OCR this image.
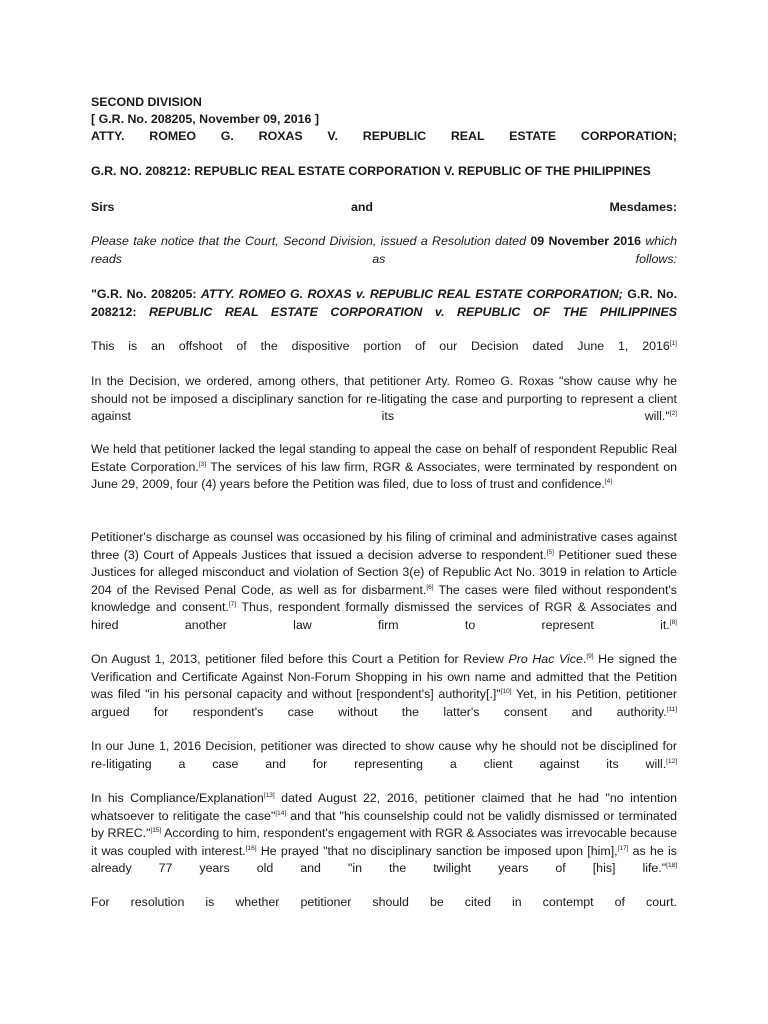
SECOND DIVISION
[ G.R. No. 208205, November 09, 2016 ]
ATTY. ROMEO G. ROXAS V. REPUBLIC REAL ESTATE CORPORATION;
G.R. NO. 208212: REPUBLIC REAL ESTATE CORPORATION V. REPUBLIC OF THE PHILIPPINES
Sirs	and	Mesdames:
Please take notice that the Court, Second Division, issued a Resolution dated 09 November 2016 which reads as follows:
"G.R. No. 208205: ATTY. ROMEO G. ROXAS v. REPUBLIC REAL ESTATE CORPORATION; G.R. No. 208212: REPUBLIC REAL ESTATE CORPORATION v. REPUBLIC OF THE PHILIPPINES
This is an offshoot of the dispositive portion of our Decision dated June 1, 2016[1]
In the Decision, we ordered, among others, that petitioner Arty. Romeo G. Roxas "show cause why he should not be imposed a disciplinary sanction for re-litigating the case and purporting to represent a client against its will."[2]
We held that petitioner lacked the legal standing to appeal the case on behalf of respondent Republic Real Estate Corporation.[3] The services of his law firm, RGR & Associates, were terminated by respondent on June 29, 2009, four (4) years before the Petition was filed, due to loss of trust and confidence.[4]
Petitioner's discharge as counsel was occasioned by his filing of criminal and administrative cases against three (3) Court of Appeals Justices that issued a decision adverse to respondent.[5] Petitioner sued these Justices for alleged misconduct and violation of Section 3(e) of Republic Act No. 3019 in relation to Article 204 of the Revised Penal Code, as well as for disbarment.[6] The cases were filed without respondent's knowledge and consent.[7] Thus, respondent formally dismissed the services of RGR & Associates and hired another law firm to represent it.[8]
On August 1, 2013, petitioner filed before this Court a Petition for Review Pro Hac Vice.[9] He signed the Verification and Certificate Against Non-Forum Shopping in his own name and admitted that the Petition was filed "in his personal capacity and without [respondent's] authority[.]"[10] Yet, in his Petition, petitioner argued for respondent's case without the latter's consent and authority.[11]
In our June 1, 2016 Decision, petitioner was directed to show cause why he should not be disciplined for re-litigating a case and for representing a client against its will.[12]
In his Compliance/Explanation[13] dated August 22, 2016, petitioner claimed that he had "no intention whatsoever to relitigate the case"[14] and that "his counselship could not be validly dismissed or terminated by RREC."[15] According to him, respondent's engagement with RGR & Associates was irrevocable because it was coupled with interest.[16] He prayed "that no disciplinary sanction be imposed upon [him],[17] as he is already 77 years old and "in the twilight years of [his] life."[18]
For resolution is whether petitioner should be cited in contempt of court.
